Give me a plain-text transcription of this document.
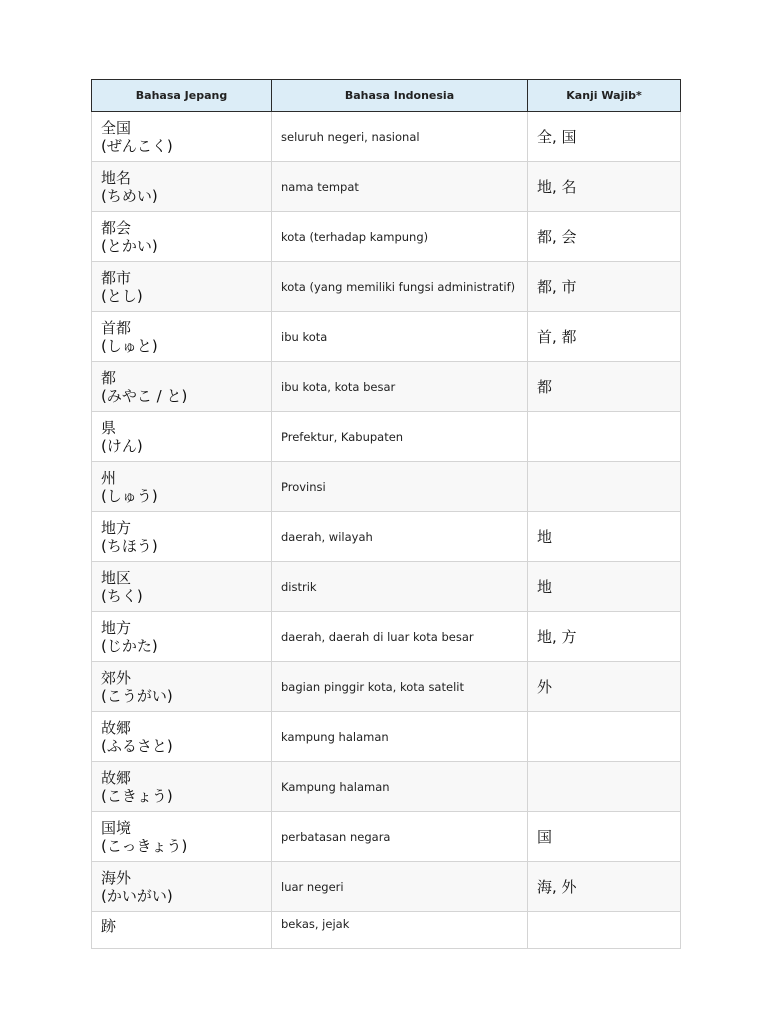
Bahasa Jepang	Bahasa Indonesia	Kanji Wajib*

全国
(ぜんこく)	seluruh negeri, nasional	全, 国

地名
(ちめい)	nama tempat	地, 名

都会
(とかい)	kota (terhadap kampung)	都, 会

都市
(とし)	kota (yang memiliki fungsi administratif)	都, 市

首都
(しゅと)	ibu kota	首, 都

都
(みやこ / と)	ibu kota, kota besar	都

県
(けん)	Prefektur, Kabupaten	

州
(しゅう)	Provinsi	

地方
(ちほう)	daerah, wilayah	地

地区
(ちく)	distrik	地

地方
(じかた)	daerah, daerah di luar kota besar	地, 方

郊外
(こうがい)	bagian pinggir kota, kota satelit	外

故郷
(ふるさと)	kampung halaman	

故郷
(こきょう)	Kampung halaman	

国境
(こっきょう)	perbatasan negara	国

海外
(かいがい)	luar negeri	海, 外

跡	bekas, jejak	
